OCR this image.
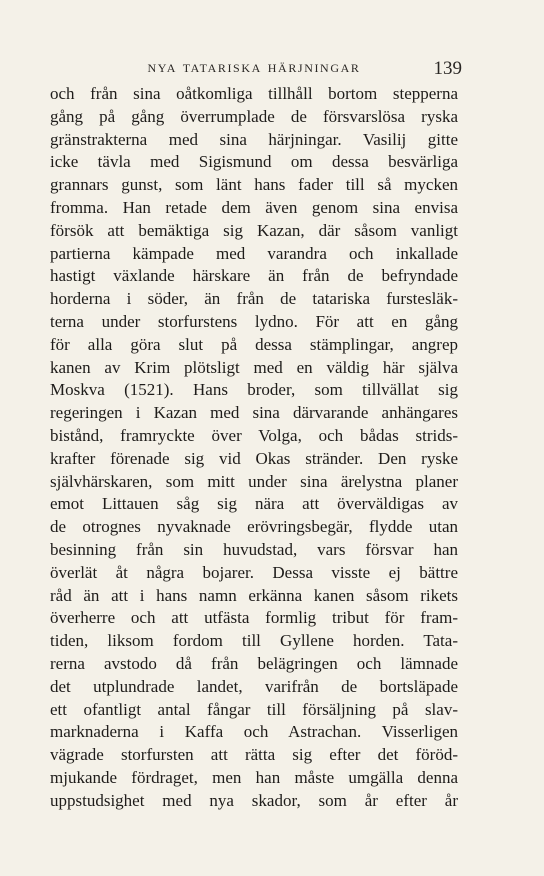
NYA TATARISKA HÄRJNINGAR	139
och från sina oåtkomliga tillhåll bortom stepperna
gång på gång överrumplade de försvarslösa ryska
gränstrakterna med sina härjningar. Vasilij gitte
icke tävla med Sigismund om dessa besvärliga
grannars gunst, som länt hans fader till så mycken
fromma. Han retade dem även genom sina envisa
försök att bemäktiga sig Kazan, där såsom vanligt
partierna kämpade med varandra och inkallade
hastigt växlande härskare än från de befryndade
horderna i söder, än från de tatariska furstesläk-
terna under storfurstens lydno. För att en gång
för alla göra slut på dessa stämplingar, angrep
kanen av Krim plötsligt med en väldig här själva
Moskva (1521). Hans broder, som tillvällat sig
regeringen i Kazan med sina därvarande anhängares
bistånd, framryckte över Volga, och bådas strids-
krafter förenade sig vid Okas stränder. Den ryske
självhärskaren, som mitt under sina ärelystna planer
emot Littauen såg sig nära att överväldigas av
de otrognes nyvaknade erövringsbegär, flydde utan
besinning från sin huvudstad, vars försvar han
överlät åt några bojarer. Dessa visste ej bättre
råd än att i hans namn erkänna kanen såsom rikets
överherre och att utfästa formlig tribut för fram-
tiden, liksom fordom till Gyllene horden. Tata-
rerna avstodo då från belägringen och lämnade
det utplundrade landet, varifrån de bortsläpade
ett ofantligt antal fångar till försäljning på slav-
marknaderna i Kaffa och Astrachan. Visserligen
vägrade storfursten att rätta sig efter det föröd-
mjukande fördraget, men han måste umgälla denna
uppstudsighet med nya skador, som år efter år
